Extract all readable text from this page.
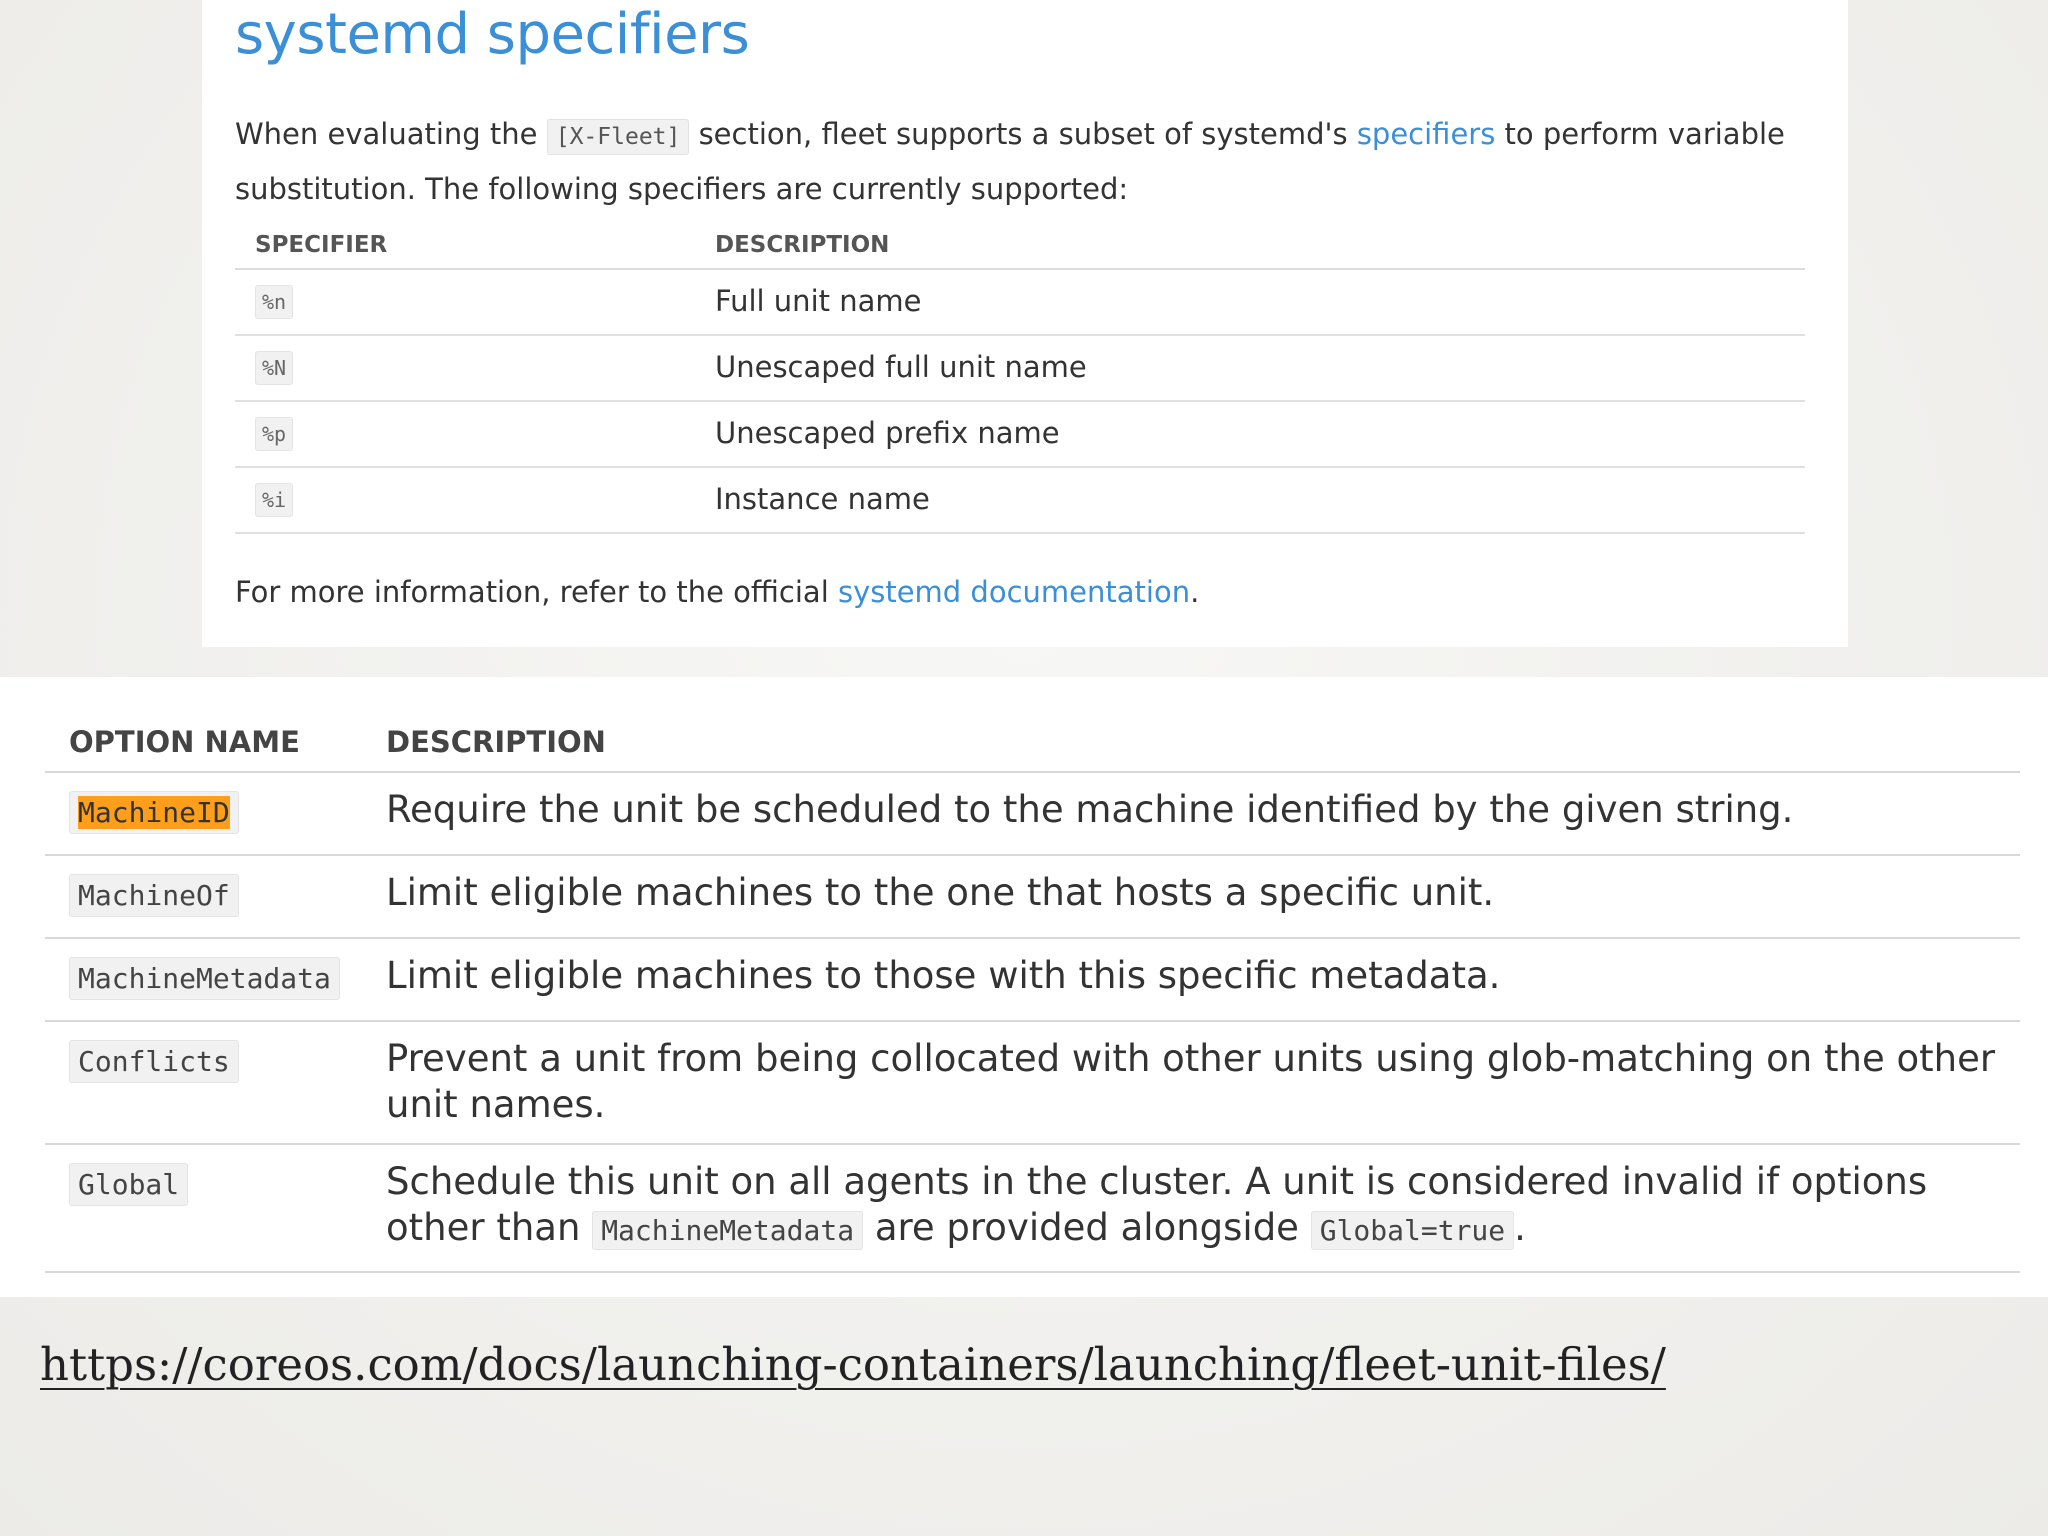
systemd specifiers
When evaluating the [X-Fleet] section, fleet supports a subset of systemd's specifiers to perform variable substitution. The following specifiers are currently supported:
SPECIFIER	DESCRIPTION
%n	Full unit name
%N	Unescaped full unit name
%p	Unescaped prefix name
%i	Instance name
For more information, refer to the official systemd documentation.
OPTION NAME	DESCRIPTION
MachineID	Require the unit be scheduled to the machine identified by the given string.
MachineOf	Limit eligible machines to the one that hosts a specific unit.
MachineMetadata Limit eligible machines to those with this specific metadata.
Conflicts	Prevent a unit from being collocated with other units using glob-matching on the other unit names.
Global	Schedule this unit on all agents in the cluster. A unit is considered invalid if options other than MachineMetadata are provided alongside Global=true .
https://coreos.com/docs/launching-containers/launching/fleet-unit-files/
